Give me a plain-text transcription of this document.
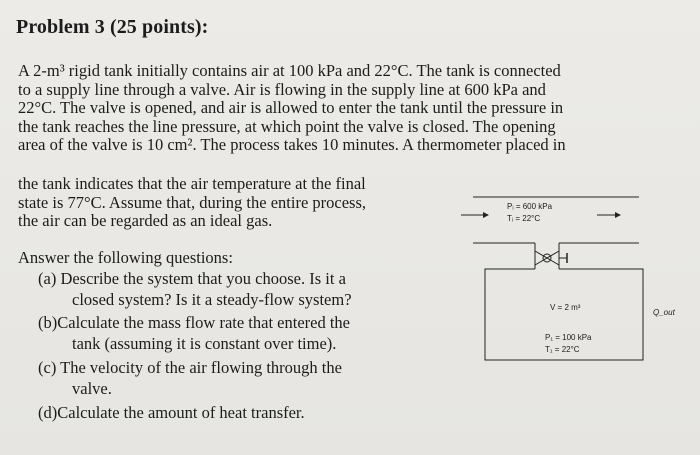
Problem 3 (25 points):
A 2-m³ rigid tank initially contains air at 100 kPa and 22°C. The tank is connected
to a supply line through a valve. Air is flowing in the supply line at 600 kPa and
22°C. The valve is opened, and air is allowed to enter the tank until the pressure in
the tank reaches the line pressure, at which point the valve is closed. The opening
area of the valve is 10 cm². The process takes 10 minutes. A thermometer placed in
the tank indicates that the air temperature at the final
state is 77°C. Assume that, during the entire process,
the air can be regarded as an ideal gas.
Answer the following questions:
(a) Describe the system that you choose. Is it a
closed system? Is it a steady-flow system?
(b)Calculate the mass flow rate that entered the
tank (assuming it is constant over time).
(c) The velocity of the air flowing through the
valve.
(d)Calculate the amount of heat transfer.
Pᵢ = 600 kPa
Tᵢ = 22°C
V = 2 m³
P₁ = 100 kPa
T₁ = 22°C
Q_out
